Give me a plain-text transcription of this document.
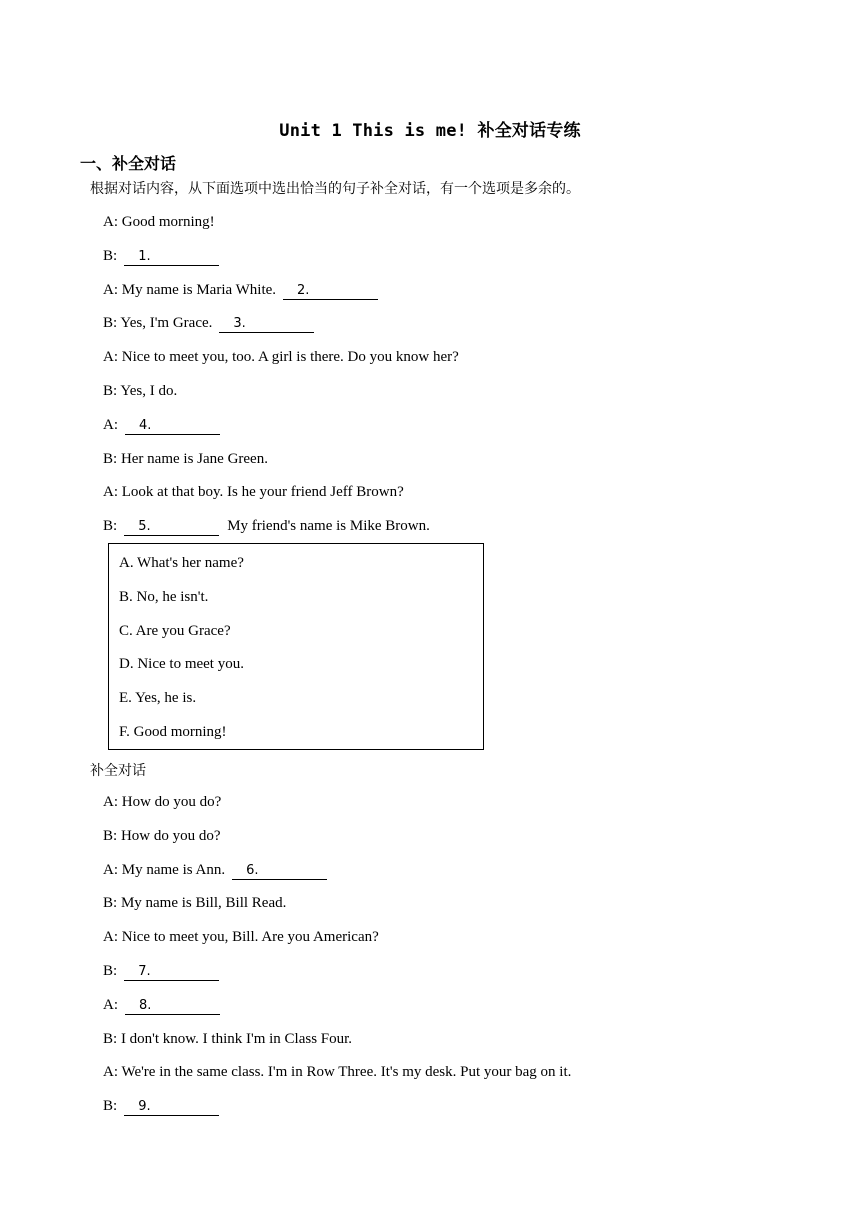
Unit 1 This is me! 补全对话专练
一、补全对话
根据对话内容，从下面选项中选出恰当的句子补全对话，有一个选项是多余的。
A: Good morning!
B: 1.
A: My name is Maria White. 2.
B: Yes, I'm Grace. 3.
A: Nice to meet you, too. A girl is there. Do you know her?
B: Yes, I do.
A: 4.
B: Her name is Jane Green.
A: Look at that boy. Is he your friend Jeff Brown?
B: 5.	My friend's name is Mike Brown.
A. What's her name?
B. No, he isn't.
C. Are you Grace?
D. Nice to meet you.
E. Yes, he is.
F. Good morning!
补全对话
A: How do you do?
B: How do you do?
A: My name is Ann. 6.
B: My name is Bill, Bill Read.
A: Nice to meet you, Bill. Are you American?
B: 7.
A: 8.
B: I don't know. I think I'm in Class Four.
A: We're in the same class. I'm in Row Three. It's my desk. Put your bag on it.
B: 9.
